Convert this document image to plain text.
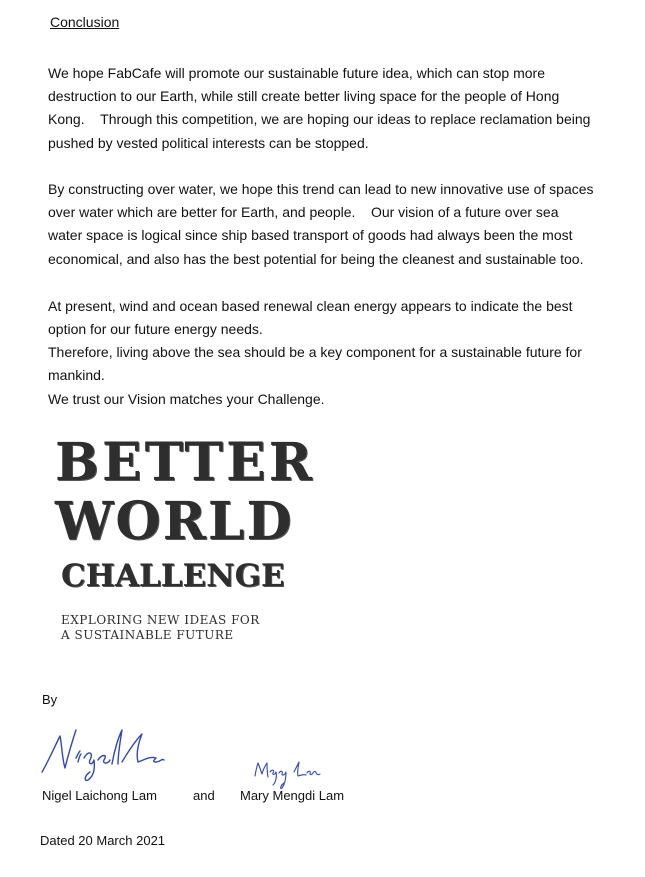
Conclusion

We hope FabCafe will promote our sustainable future idea, which can stop more destruction to our Earth, while still create better living space for the people of Hong Kong.    Through this competition, we are hoping our ideas to replace reclamation being pushed by vested political interests can be stopped.

By constructing over water, we hope this trend can lead to new innovative use of spaces over water which are better for Earth, and people.    Our vision of a future over sea water space is logical since ship based transport of goods had always been the most economical, and also has the best potential for being the cleanest and sustainable too.

At present, wind and ocean based renewal clean energy appears to indicate the best option for our future energy needs.

Therefore, living above the sea should be a key component for a sustainable future for mankind.

We trust our Vision matches your Challenge.

BETTER
WORLD
CHALLENGE
EXPLORING NEW IDEAS FOR
A SUSTAINABLE FUTURE

By

Nigel Laichong Lam	and Mary Mengdi Lam

Dated 20 March 2021
